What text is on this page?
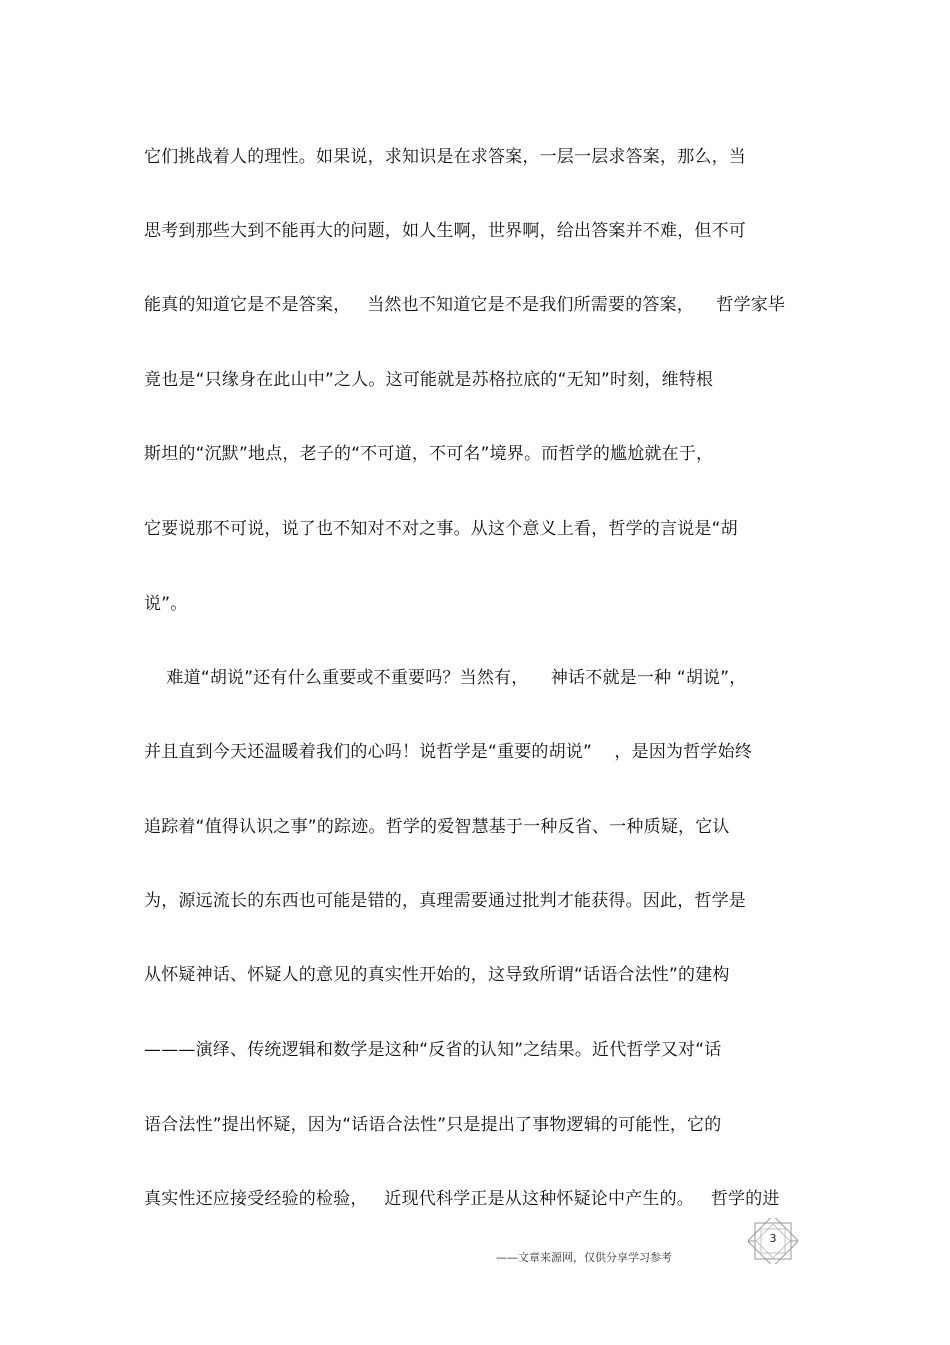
它们挑战着人的理性。如果说，求知识是在求答案，一层一层求答案，那么，当
思考到那些大到不能再大的问题，如人生啊，世界啊，给出答案并不难，但不可
能真的知道它是不是答案，   当然也不知道它是不是我们所需要的答案，    哲学家毕
竟也是“只缘身在此山中”之人。这可能就是苏格拉底的“无知”时刻，维特根
斯坦的“沉默”地点，老子的“不可道，不可名”境界。而哲学的尴尬就在于，
它要说那不可说，说了也不知对不对之事。从这个意义上看，哲学的言说是“胡
说”。
难道“胡说”还有什么重要或不重要吗？当然有，    神话不就是一种 “胡说”，
并且直到今天还温暖着我们的心吗！说哲学是“重要的胡说”    ，是因为哲学始终
追踪着“值得认识之事”的踪迹。哲学的爱智慧基于一种反省、一种质疑，它认
为，源远流长的东西也可能是错的，真理需要通过批判才能获得。因此，哲学是
从怀疑神话、怀疑人的意见的真实性开始的，这导致所谓“话语合法性”的建构
———演绎、传统逻辑和数学是这种“反省的认知”之结果。近代哲学又对“话
语合法性”提出怀疑，因为“话语合法性”只是提出了事物逻辑的可能性，它的
真实性还应接受经验的检验，   近现代科学正是从这种怀疑论中产生的。   哲学的进
——文章来源网，仅供分享学习参考
3
